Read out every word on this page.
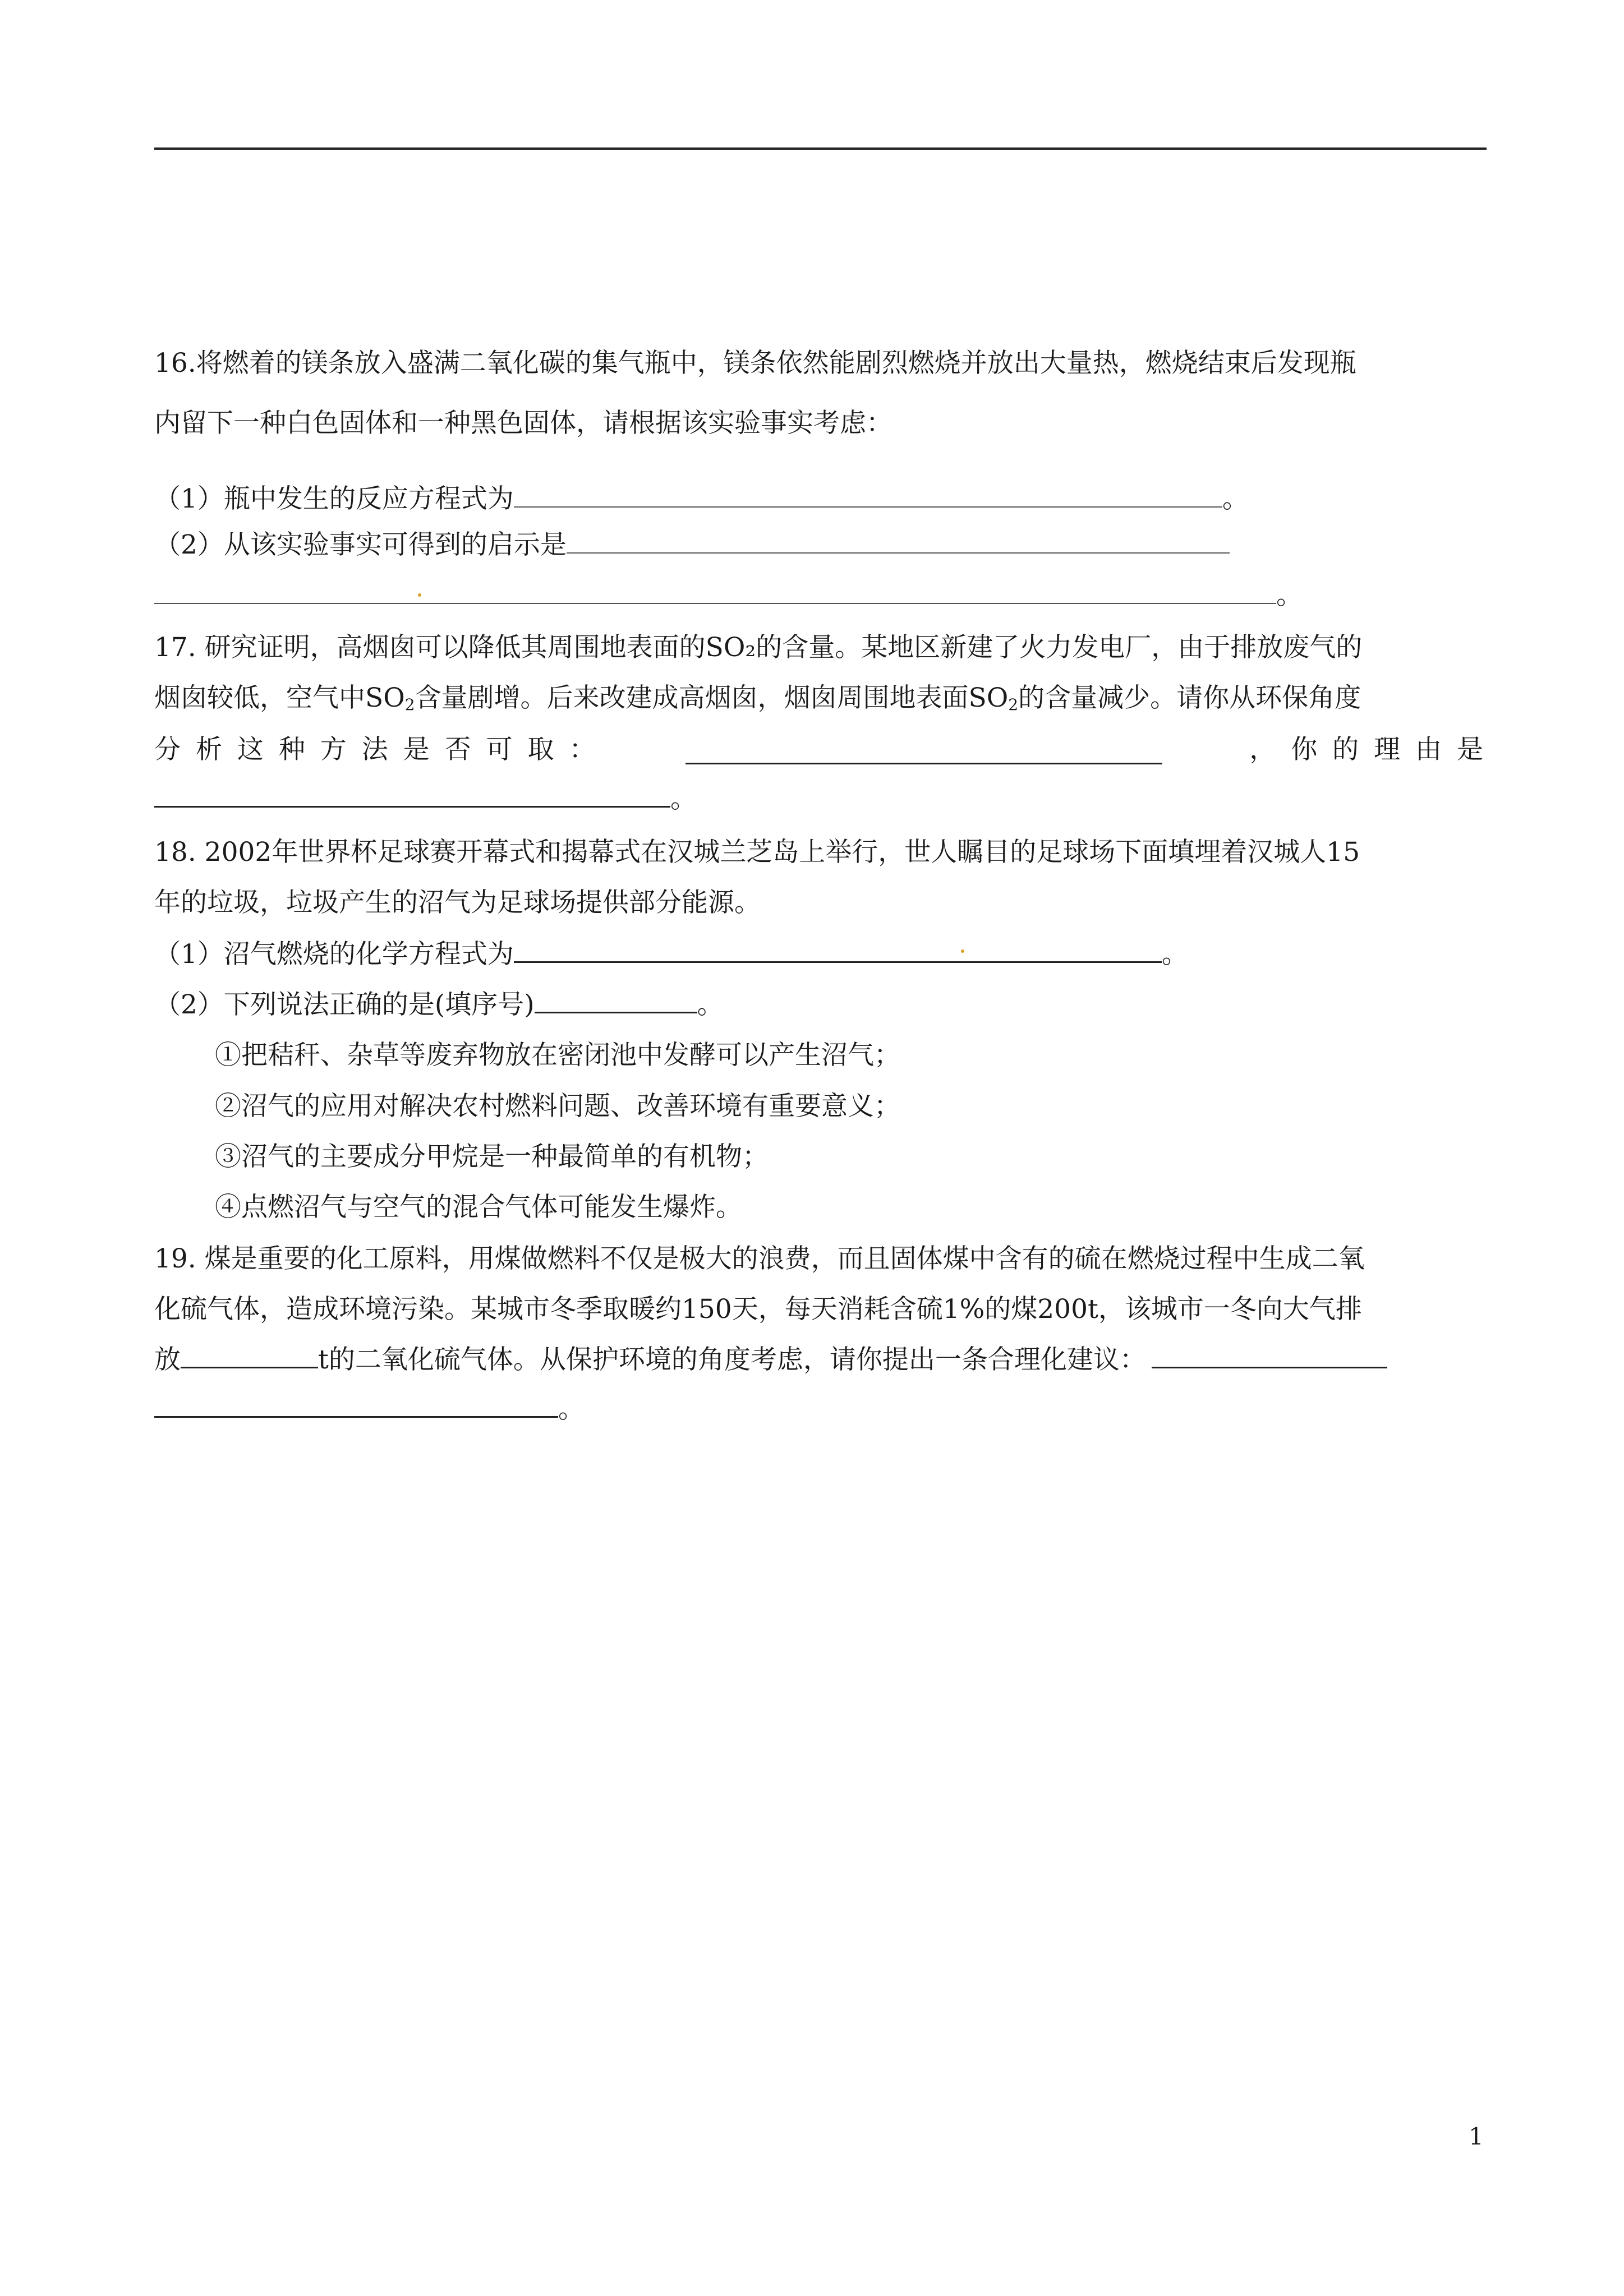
16.将燃着的镁条放入盛满二氧化碳的集气瓶中，镁条依然能剧烈燃烧并放出大量热，燃烧结束后发现瓶
内留下一种白色固体和一种黑色固体，请根据该实验事实考虑：
（1）瓶中发生的反应方程式为	。
（2）从该实验事实可得到的启示是
。
17. 研究证明，高烟囱可以降低其周围地表面的SO₂的含量。某地区新建了火力发电厂，由于排放废气的
烟囱较低，空气中$SO_2$含量剧增。后来改建成高烟囱，烟囱周围地表面$SO_2$的含量减少。请你从环保角度
分 析 这 种 方 法 是 否 可 取 ：	， 你 的 理 由 是
。
18. 2002年世界杯足球赛开幕式和揭幕式在汉城兰芝岛上举行，世人瞩目的足球场下面填埋着汉城人15
年的垃圾，垃圾产生的沼气为足球场提供部分能源。
（1）沼气燃烧的化学方程式为	。
（2）下列说法正确的是(填序号)	。
①把秸秆、杂草等废弃物放在密闭池中发酵可以产生沼气；
②沼气的应用对解决农村燃料问题、改善环境有重要意义；
③沼气的主要成分甲烷是一种最简单的有机物；
④点燃沼气与空气的混合气体可能发生爆炸。
19. 煤是重要的化工原料，用煤做燃料不仅是极大的浪费，而且固体煤中含有的硫在燃烧过程中生成二氧
化硫气体，造成环境污染。某城市冬季取暖约150天，每天消耗含硫1%的煤200t，该城市一冬向大气排
放	t的二氧化硫气体。从保护环境的角度考虑，请你提出一条合理化建议：
。
1
